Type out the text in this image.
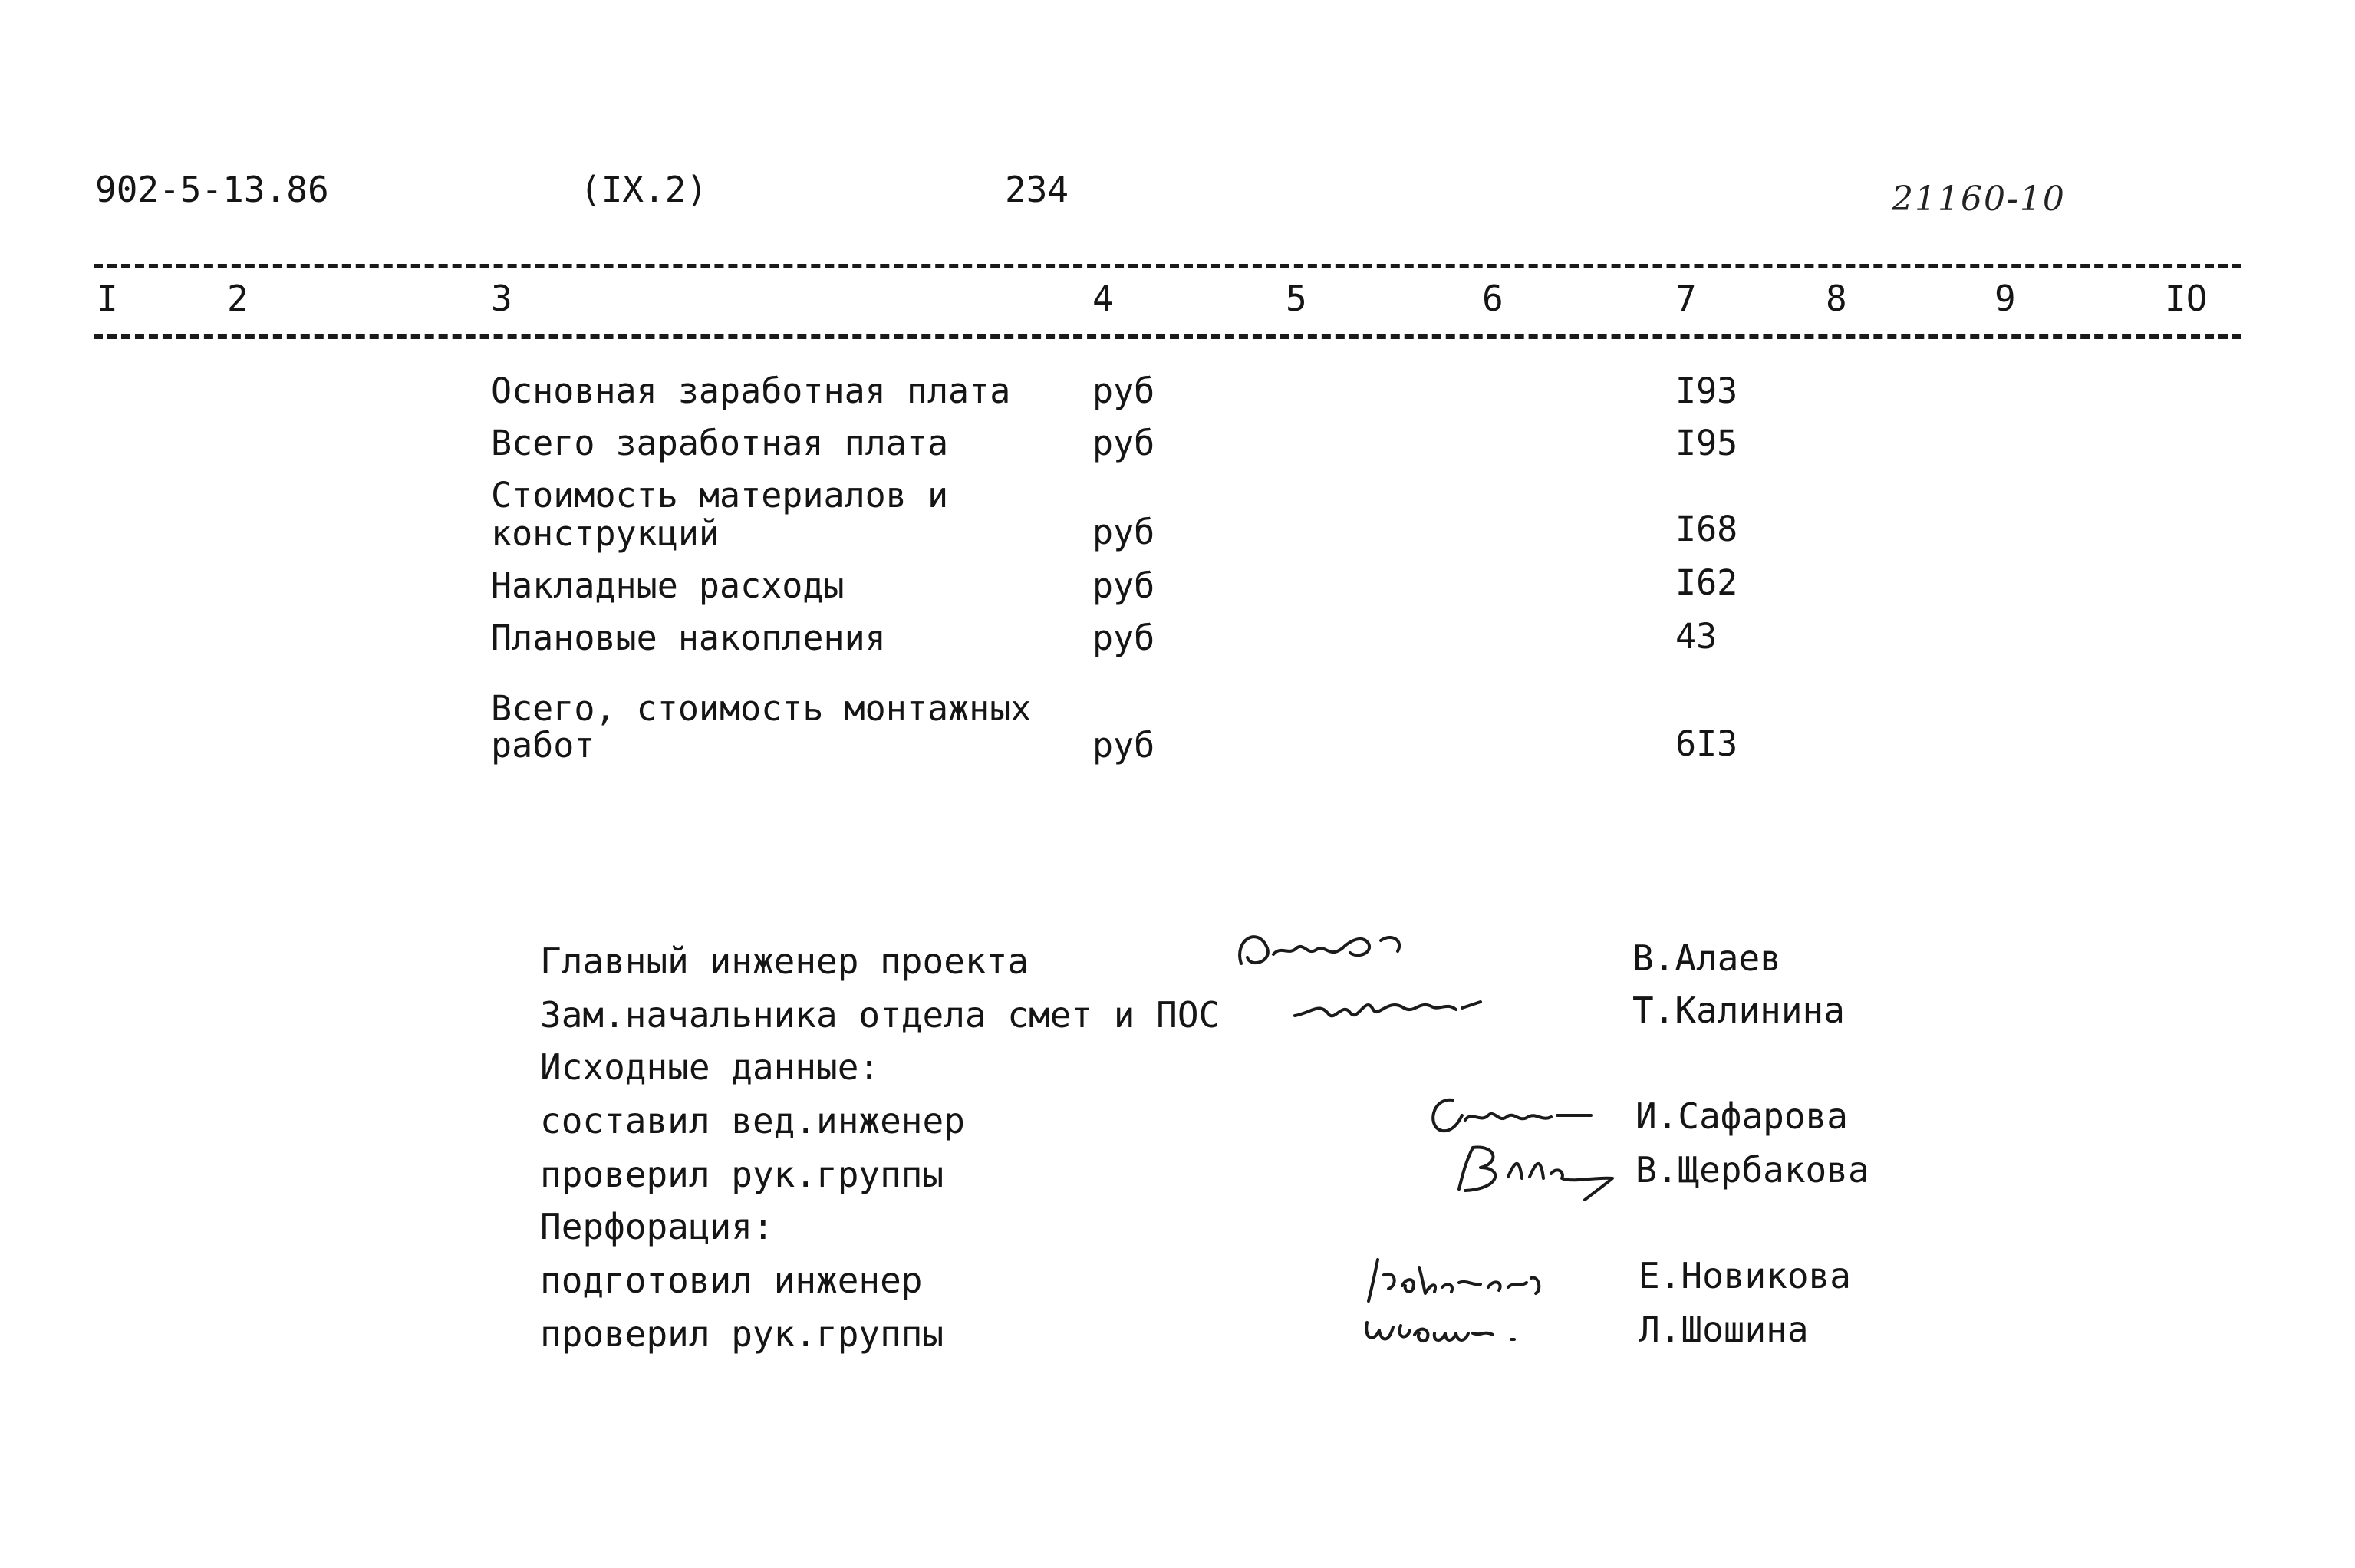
902-5-13.86	(IX.2)	234	21160-10
I	2	3	4	5	6	7	8	9	IO
Основная заработная плата руб	I93
Всего заработная плата	руб	I95
Стоимость материалов и
конструкций	руб	I68
Накладные расходы	руб	I62
Плановые накопления	руб	43
Всего, стоимость монтажных
работ	руб	6I3
Главный инженер проекта	В.Алаев
Зам.начальника отдела смет и ПОС	Т.Калинина
Исходные данные:
составил вед.инженер	И.Сафарова
проверил рук.группы	В.Щербакова
Перфорация:
подготовил инженер	Е.Новикова
проверил рук.группы	Л.Шошина
